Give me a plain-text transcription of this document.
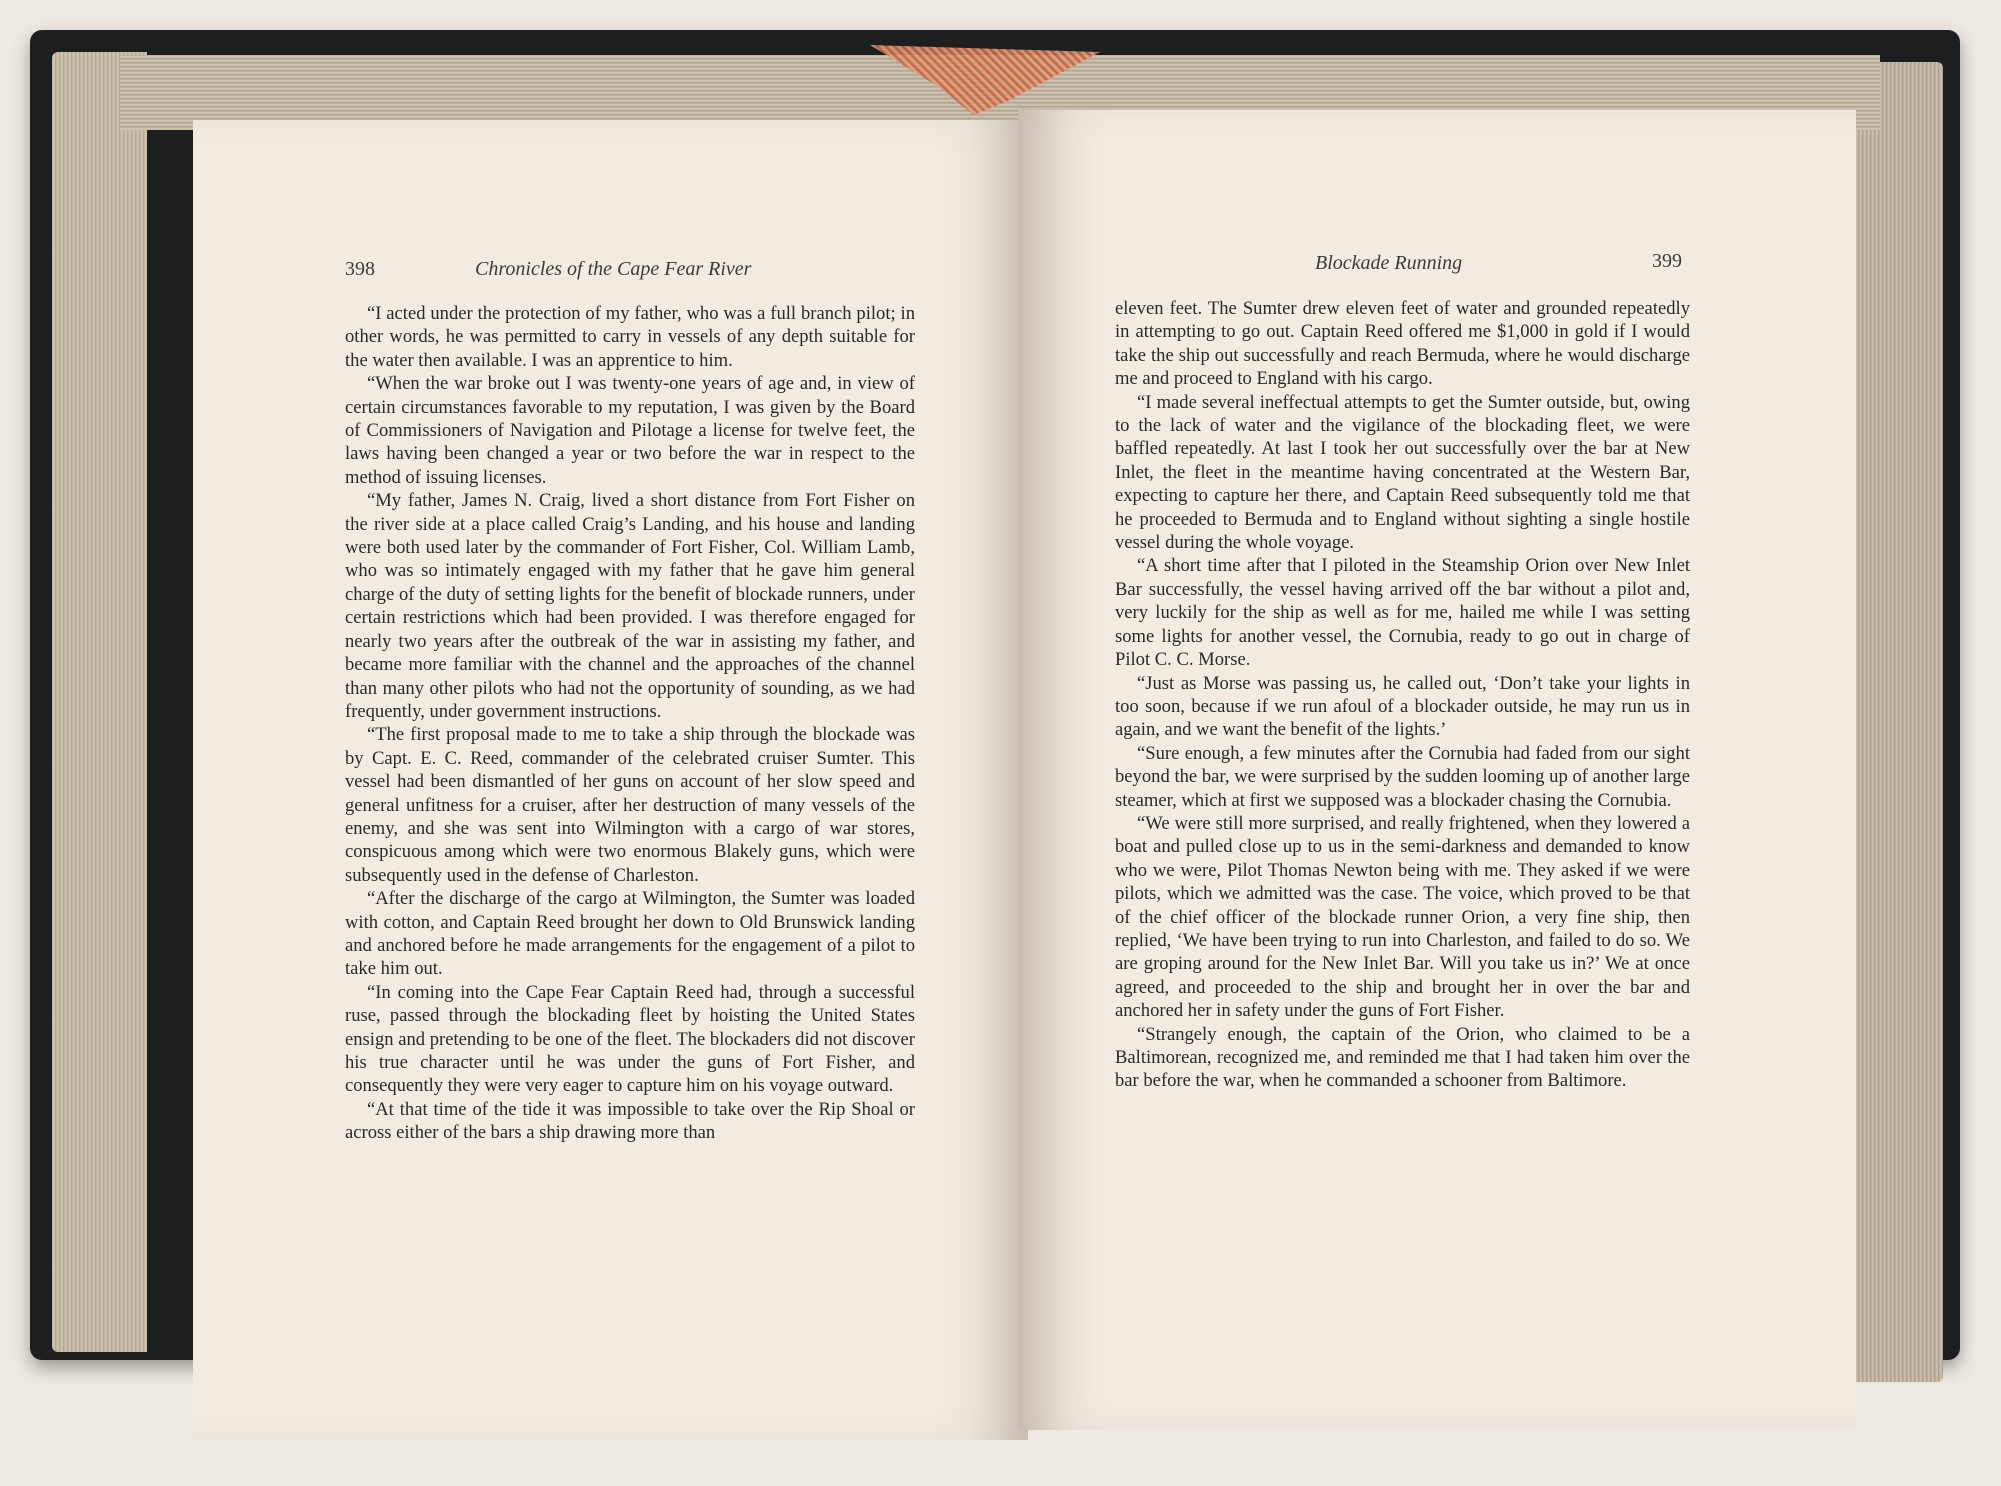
398	Chronicles of the Cape Fear River	Blockade Running	399

“I acted under the protection of my father, who was a full branch pilot; in other words, he was permitted to carry in vessels of any depth suitable for the water then available. I was an apprentice to him.

“When the war broke out I was twenty-one years of age and, in view of certain circumstances favorable to my reputation, I was given by the Board of Commissioners of Navigation and Pilotage a license for twelve feet, the laws having been changed a year or two before the war in respect to the method of issuing licenses.

“My father, James N. Craig, lived a short distance from Fort Fisher on the river side at a place called Craig’s Landing, and his house and landing were both used later by the commander of Fort Fisher, Col. William Lamb, who was so intimately engaged with my father that he gave him general charge of the duty of setting lights for the benefit of blockade runners, under certain restrictions which had been provided. I was therefore engaged for nearly two years after the outbreak of the war in assisting my father, and became more familiar with the channel and the approaches of the channel than many other pilots who had not the opportunity of sounding, as we had frequently, under government instructions.

“The first proposal made to me to take a ship through the blockade was by Capt. E. C. Reed, commander of the celebrated cruiser Sumter. This vessel had been dismantled of her guns on account of her slow speed and general unfitness for a cruiser, after her destruction of many vessels of the enemy, and she was sent into Wilmington with a cargo of war stores, conspicuous among which were two enormous Blakely guns, which were subsequently used in the defense of Charleston.

“After the discharge of the cargo at Wilmington, the Sumter was loaded with cotton, and Captain Reed brought her down to Old Brunswick landing and anchored before he made arrangements for the engagement of a pilot to take him out.

“In coming into the Cape Fear Captain Reed had, through a successful ruse, passed through the blockading fleet by hoisting the United States ensign and pretending to be one of the fleet. The blockaders did not discover his true character until he was under the guns of Fort Fisher, and consequently they were very eager to capture him on his voyage outward.

“At that time of the tide it was impossible to take over the Rip Shoal or across either of the bars a ship drawing more than

eleven feet. The Sumter drew eleven feet of water and grounded repeatedly in attempting to go out. Captain Reed offered me $1,000 in gold if I would take the ship out successfully and reach Bermuda, where he would discharge me and proceed to England with his cargo.

“I made several ineffectual attempts to get the Sumter outside, but, owing to the lack of water and the vigilance of the blockading fleet, we were baffled repeatedly. At last I took her out successfully over the bar at New Inlet, the fleet in the meantime having concentrated at the Western Bar, expecting to capture her there, and Captain Reed subsequently told me that he proceeded to Bermuda and to England without sighting a single hostile vessel during the whole voyage.

“A short time after that I piloted in the Steamship Orion over New Inlet Bar successfully, the vessel having arrived off the bar without a pilot and, very luckily for the ship as well as for me, hailed me while I was setting some lights for another vessel, the Cornubia, ready to go out in charge of Pilot C. C. Morse.

“Just as Morse was passing us, he called out, ‘Don’t take your lights in too soon, because if we run afoul of a blockader outside, he may run us in again, and we want the benefit of the lights.’

“Sure enough, a few minutes after the Cornubia had faded from our sight beyond the bar, we were surprised by the sudden looming up of another large steamer, which at first we supposed was a blockader chasing the Cornubia.

“We were still more surprised, and really frightened, when they lowered a boat and pulled close up to us in the semi-darkness and demanded to know who we were, Pilot Thomas Newton being with me. They asked if we were pilots, which we admitted was the case. The voice, which proved to be that of the chief officer of the blockade runner Orion, a very fine ship, then replied, ‘We have been trying to run into Charleston, and failed to do so. We are groping around for the New Inlet Bar. Will you take us in?’ We at once agreed, and proceeded to the ship and brought her in over the bar and anchored her in safety under the guns of Fort Fisher.

“Strangely enough, the captain of the Orion, who claimed to be a Baltimorean, recognized me, and reminded me that I had taken him over the bar before the war, when he commanded a schooner from Baltimore.
